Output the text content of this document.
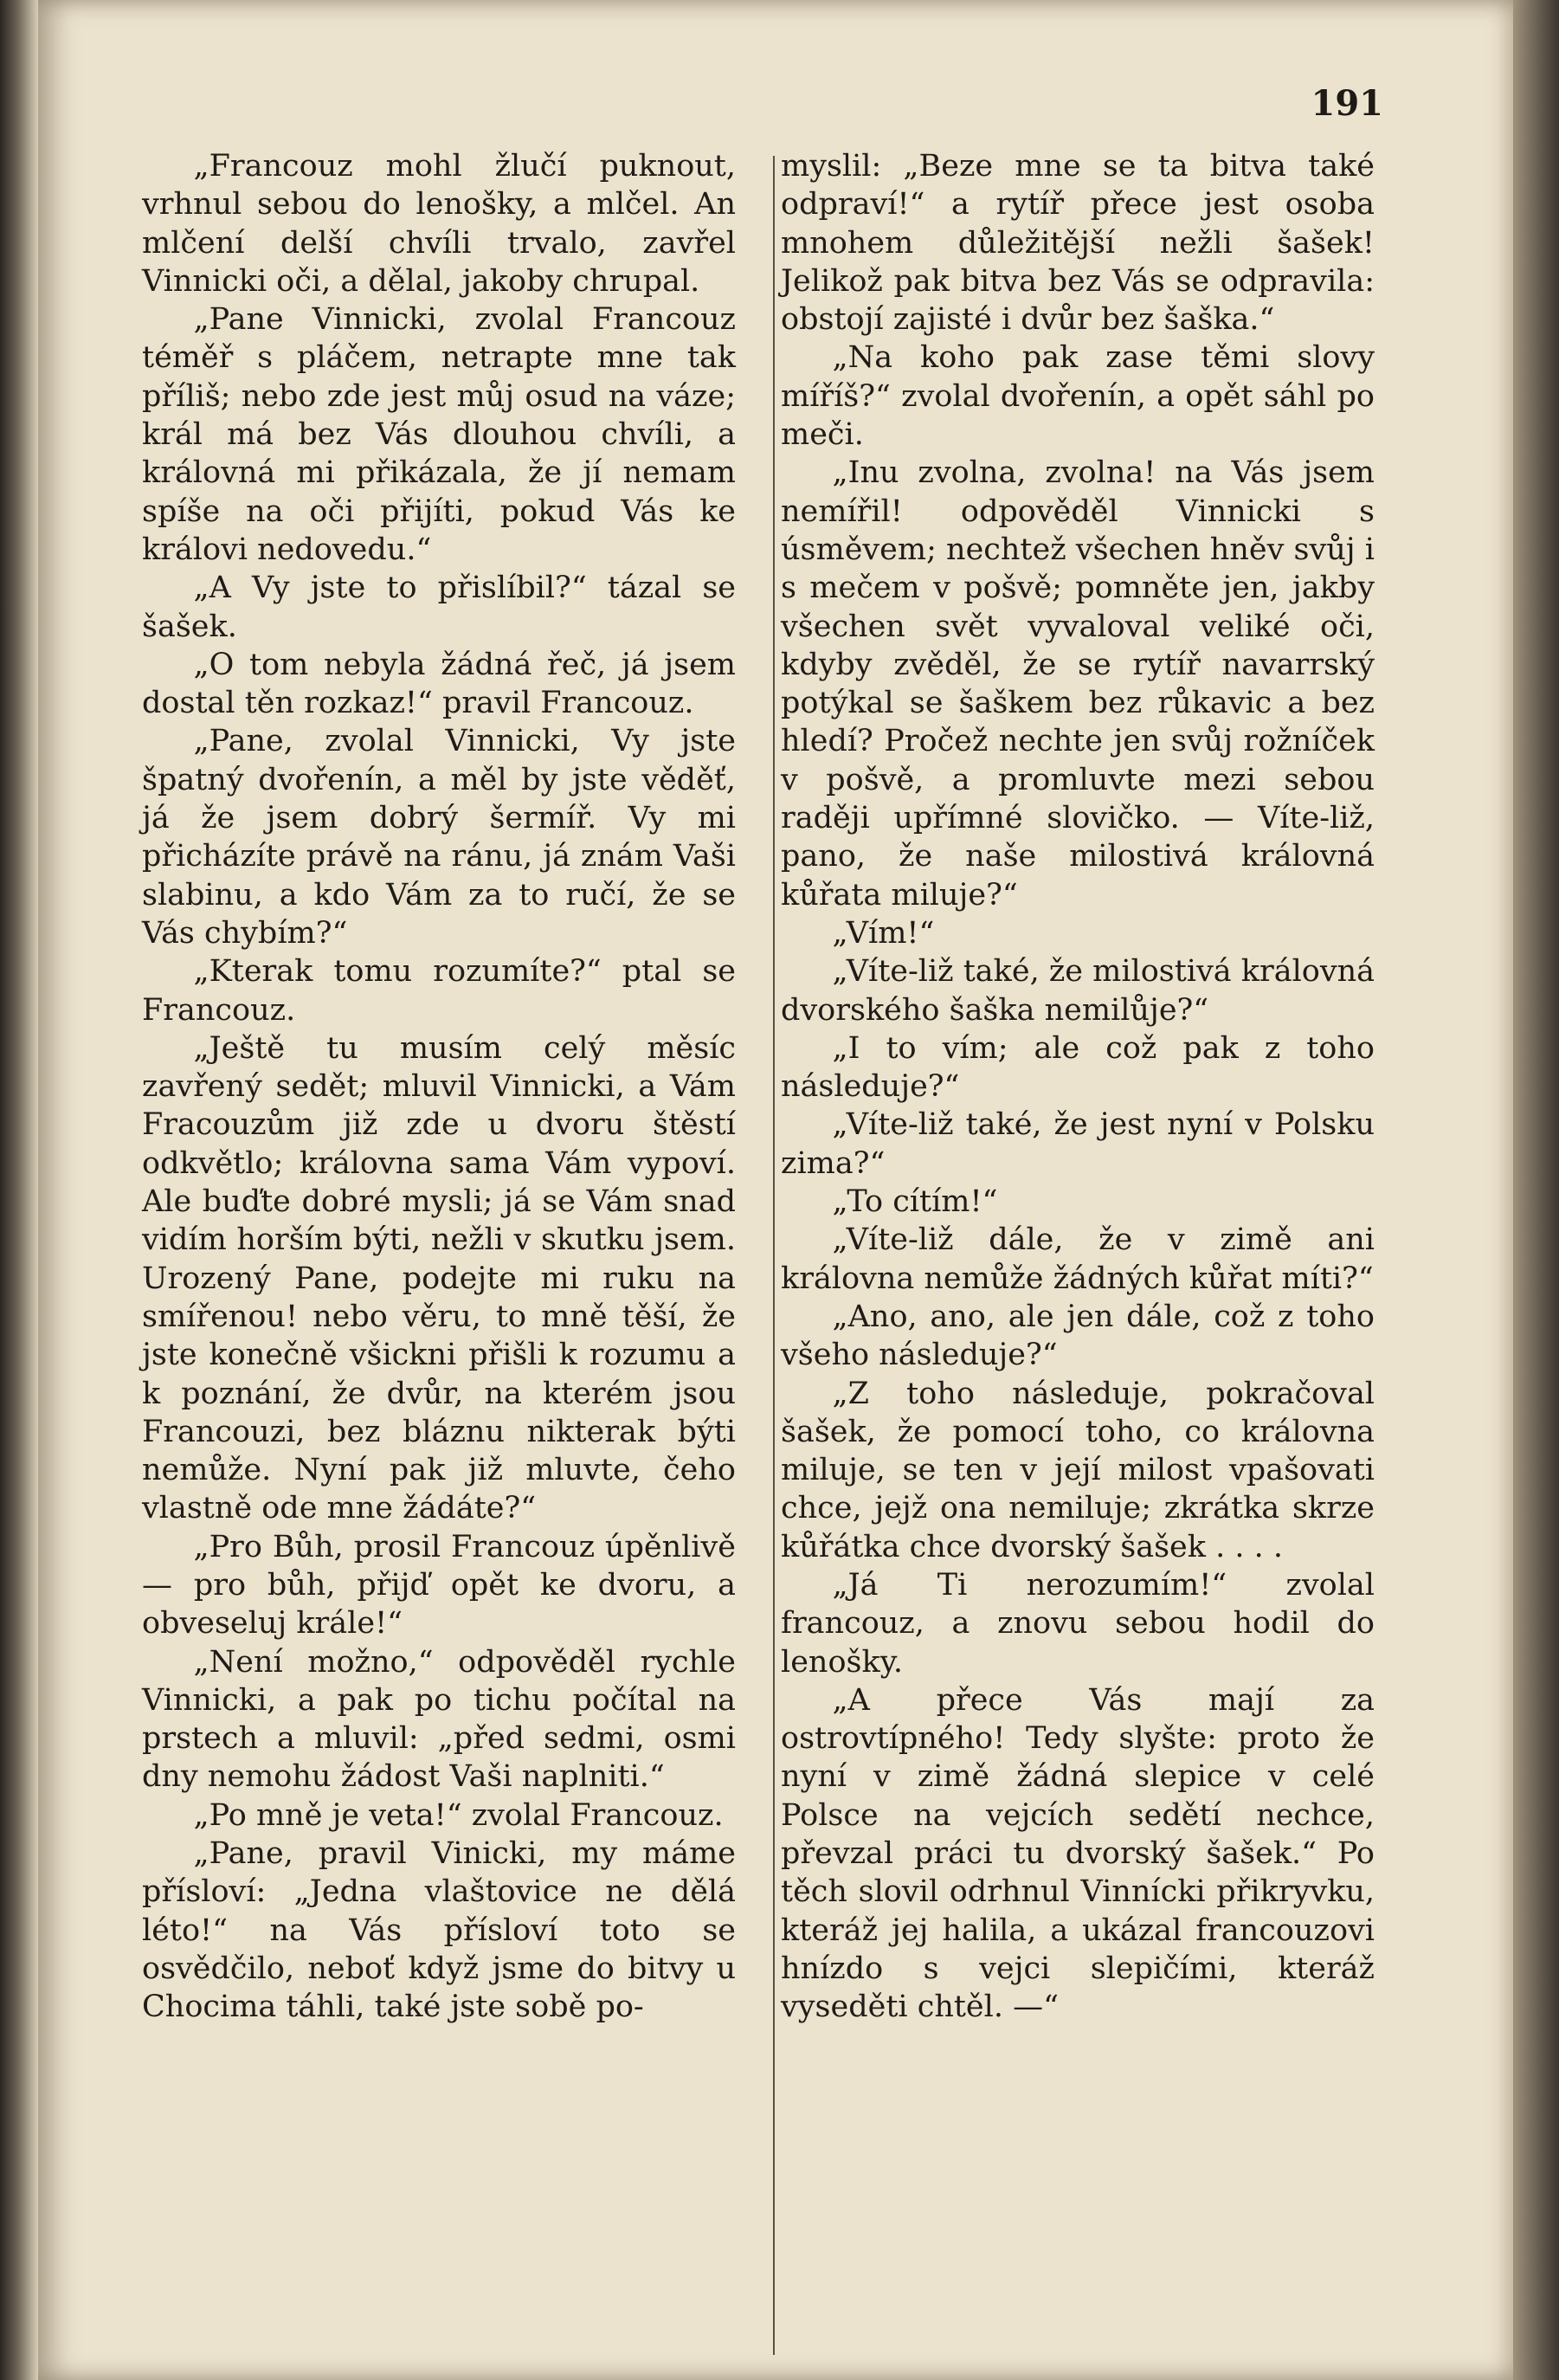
191

„Francouz mohl žlučí puknout, vrhnul sebou do lenošky, a mlčel. An mlčení delší chvíli trvalo, zavřel Vinnicki oči, a dělal, jakoby chrupal.

„Pane Vinnicki, zvolal Francouz téměř s pláčem, netrapte mne tak příliš; nebo zde jest můj osud na váze; král má bez Vás dlouhou chvíli, a královná mi přikázala, že jí nemam spíše na oči přijíti, pokud Vás ke královi nedovedu.“

„A Vy jste to přislíbil?“ tázal se šašek.

„O tom nebyla žádná řeč, já jsem dostal těn rozkaz!“ pravil Francouz.

„Pane, zvolal Vinnicki, Vy jste špatný dvořenín, a měl by jste věděť, já že jsem dobrý šermíř. Vy mi přicházíte právě na ránu, já znám Vaši slabinu, a kdo Vám za to ručí, že se Vás chybím?“

„Kterak tomu rozumíte?“ ptal se Francouz.

„Ještě tu musím celý měsíc zavřený sedět; mluvil Vinnicki, a Vám Fracouzům již zde u dvoru štěstí odkvětlo; královna sama Vám vypoví. Ale buďte dobré mysli; já se Vám snad vidím horším býti, nežli v skutku jsem. Urozený Pane, podejte mi ruku na smířenou! nebo věru, to mně těší, že jste konečně všickni přišli k rozumu a k poznání, že dvůr, na kterém jsou Francouzi, bez bláznu nikterak býti nemůže. Nyní pak již mluvte, čeho vlastně ode mne žádáte?“

„Pro Bůh, prosil Francouz úpěnlivě — pro bůh, přijď opět ke dvoru, a obveseluj krále!“

„Není možno,“ odpověděl rychle Vinnicki, a pak po tichu počítal na prstech a mluvil: „před sedmi, osmi dny nemohu žádost Vaši naplniti.“

„Po mně je veta!“ zvolal Francouz.

„Pane, pravil Vinicki, my máme přísloví: „Jedna vlaštovice ne dělá léto!“ na Vás přísloví toto se osvědčilo, neboť když jsme do bitvy u Chocima táhli, také jste sobě po-

myslil: „Beze mne se ta bitva také odpraví!“ a rytíř přece jest osoba mnohem důležitější nežli šašek! Jelikož pak bitva bez Vás se odpravila: obstojí zajisté i dvůr bez šaška.“

„Na koho pak zase těmi slovy míříš?“ zvolal dvořenín, a opět sáhl po meči.

„Inu zvolna, zvolna! na Vás jsem nemířil! odpověděl Vinnicki s úsměvem; nechtež všechen hněv svůj i s mečem v pošvě; pomněte jen, jakby všechen svět vyvaloval veliké oči, kdyby zvěděl, že se rytíř navarrský potýkal se šaškem bez růkavic a bez hledí? Pročež nechte jen svůj rožníček v pošvě, a promluvte mezi sebou raději upřímné slovičko. — Víte-liž, pano, že naše milostivá královná kůřata miluje?“

„Vím!“

„Víte-liž také, že milostivá královná dvorského šaška nemilůje?“

„I to vím; ale což pak z toho následuje?“

„Víte-liž také, že jest nyní v Polsku zima?“

„To cítím!“

„Víte-liž dále, že v zimě ani královna nemůže žádných kůřat míti?“

„Ano, ano, ale jen dále, což z toho všeho následuje?“

„Z toho následuje, pokračoval šašek, že pomocí toho, co královna miluje, se ten v její milost vpašovati chce, jejž ona nemiluje; zkrátka skrze kůřátka chce dvorský šašek . . . .

„Já Ti nerozumím!“ zvolal francouz, a znovu sebou hodil do lenošky.

„A přece Vás mají za ostrovtípného! Tedy slyšte: proto že nyní v zimě žádná slepice v celé Polsce na vejcích sedětí nechce, převzal práci tu dvorský šašek.“ Po těch slovil odrhnul Vinnícki přikryvku, kteráž jej halila, a ukázal francouzovi hnízdo s vejci slepičími, kteráž vyseděti chtěl. —“
